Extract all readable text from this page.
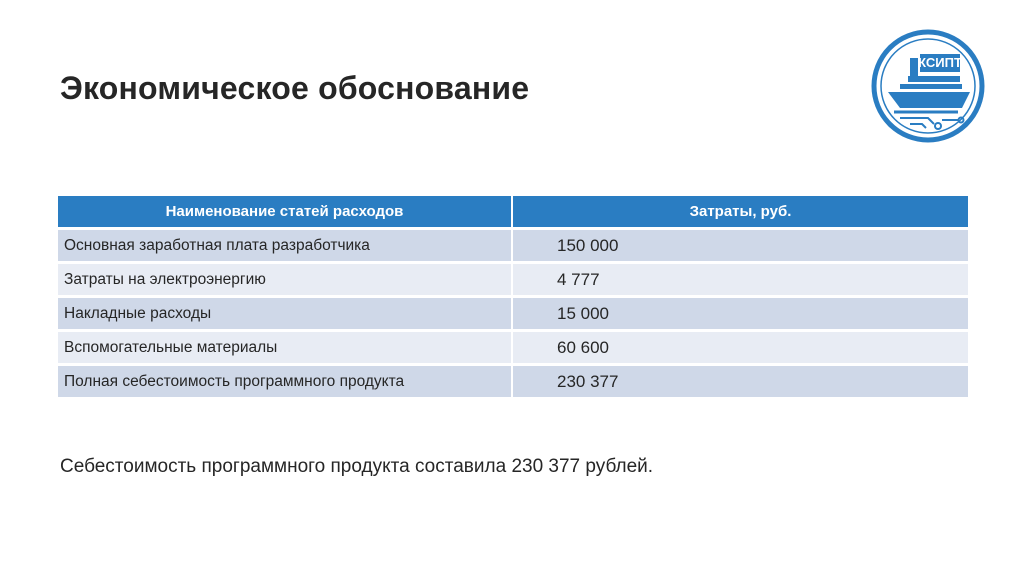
Экономическое обоснование
КСИПТ
Наименование статей расходов	Затраты, руб.
Основная заработная плата разработчика	150 000
Затраты на электроэнергию	4 777
Накладные расходы	15 000
Вспомогательные материалы	60 600
Полная себестоимость программного продукта	230 377
Себестоимость программного продукта составила 230 377 рублей.
